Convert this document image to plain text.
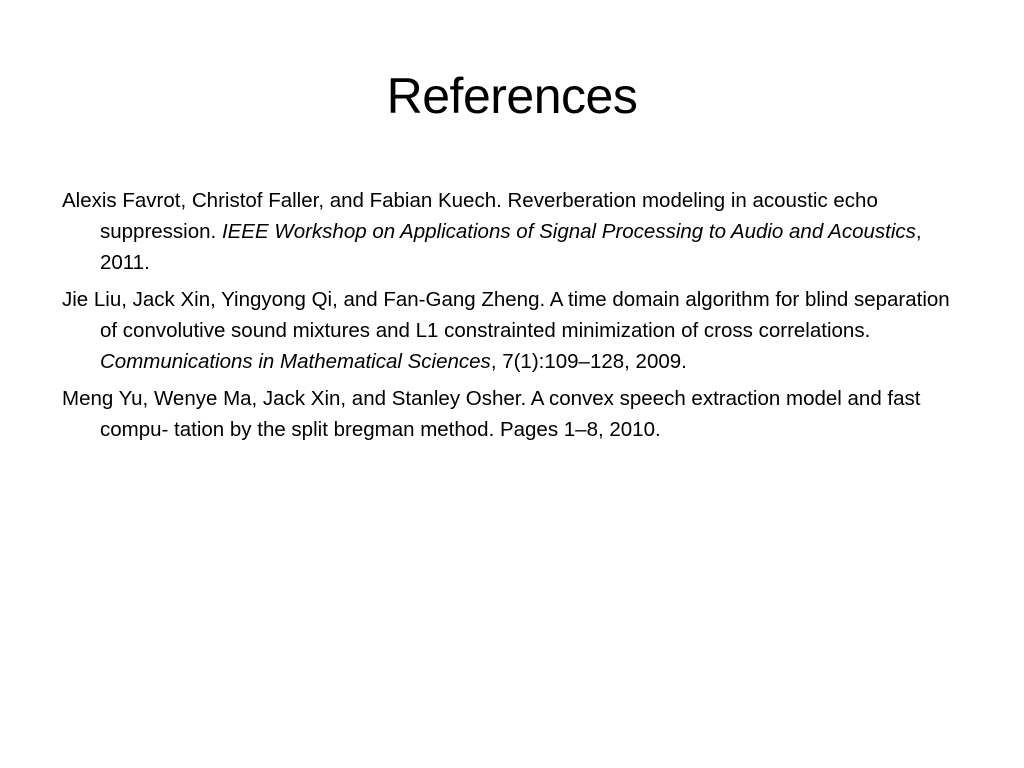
References
Alexis Favrot, Christof Faller, and Fabian Kuech. Reverberation modeling in acoustic echo suppression. IEEE Workshop on Applications of Signal Processing to Audio and Acoustics, 2011.
Jie Liu, Jack Xin, Yingyong Qi, and Fan-Gang Zheng. A time domain algorithm for blind separation of convolutive sound mixtures and L1 constrainted minimization of cross correlations. Communications in Mathematical Sciences, 7(1):109–128, 2009.
Meng Yu, Wenye Ma, Jack Xin, and Stanley Osher. A convex speech extraction model and fast compu- tation by the split bregman method. Pages 1–8, 2010.
